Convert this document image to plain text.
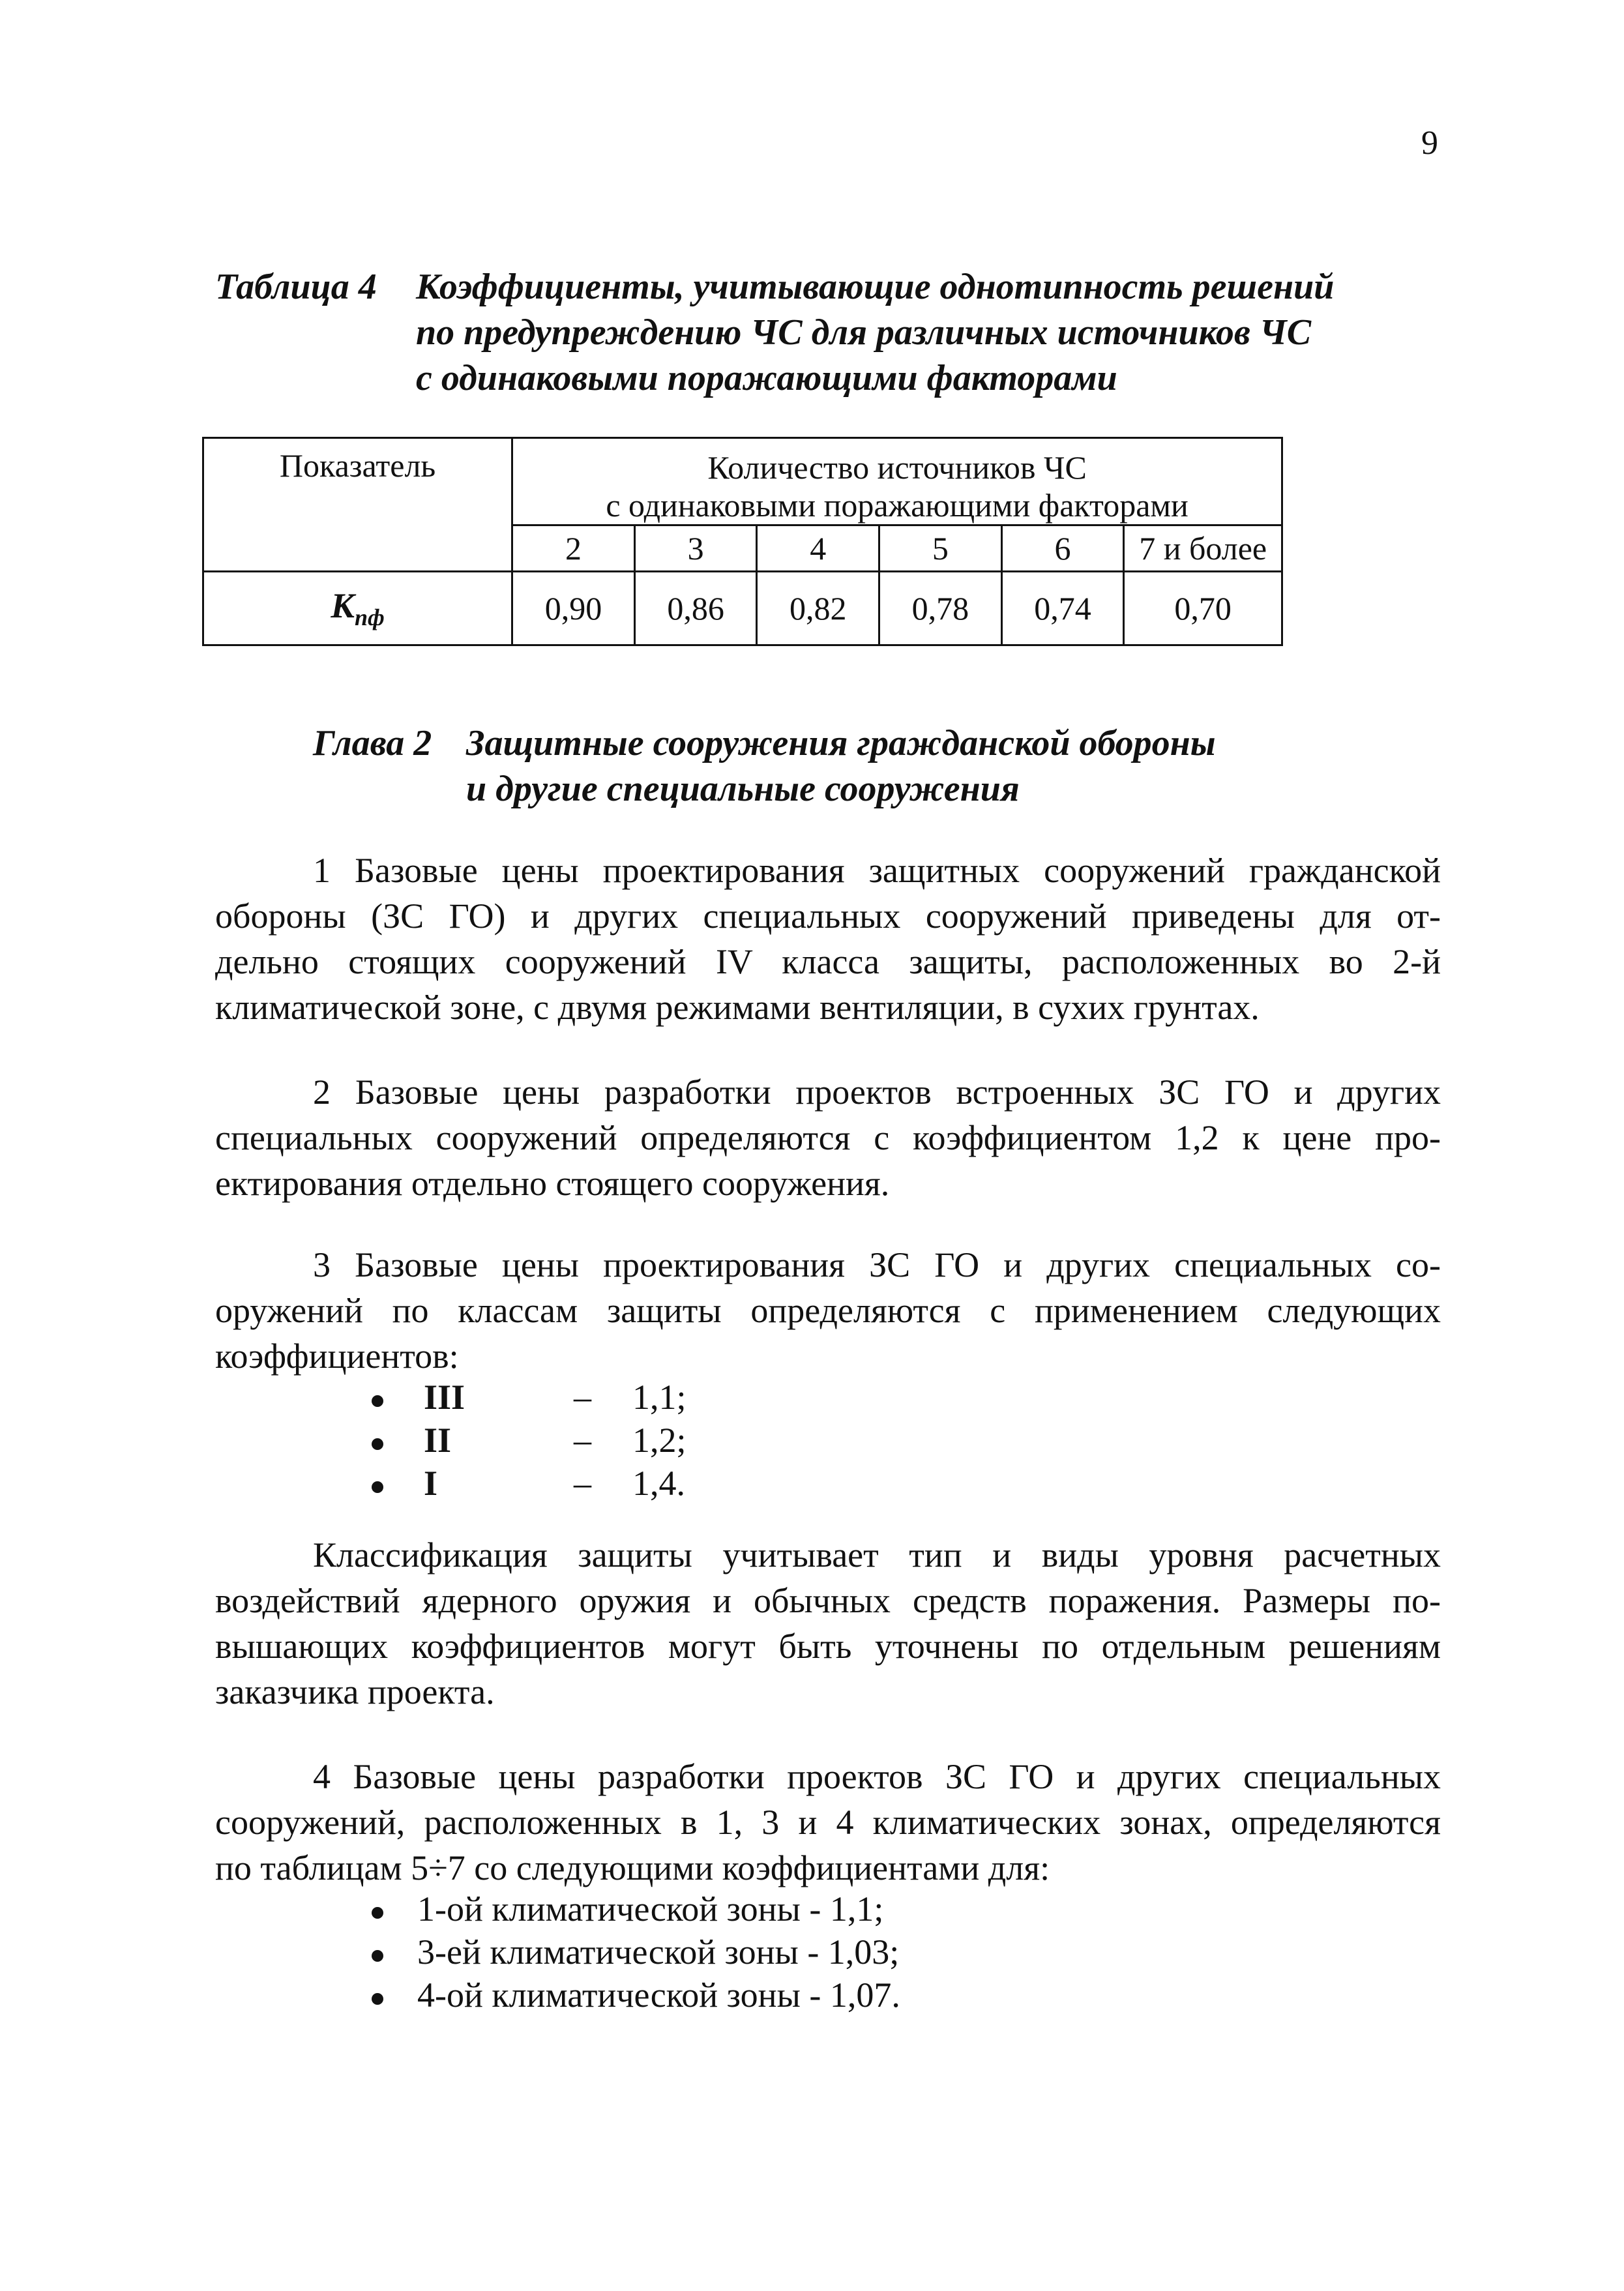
9
Таблица 4 Коэффициенты, учитывающие однотипность решений
по предупреждению ЧС для различных источников ЧС
с одинаковыми поражающими факторами
Показатель	Количество источников ЧС
с одинаковыми поражающими факторами					

	2	3	4	5	6	7 и более
$К_{пф}$	0,90	0,86	0,82	0,78	0,74	0,70
Глава 2 Защитные сооружения гражданской обороны
и другие специальные сооружения
1 Базовые цены проектирования защитных сооружений гражданской
обороны (ЗС ГО) и других специальных сооружений приведены для от-
дельно стоящих сооружений IV класса защиты, расположенных во 2-й
климатической зоне, с двумя режимами вентиляции, в сухих грунтах.
2 Базовые цены разработки проектов встроенных ЗС ГО и других
специальных сооружений определяются с коэффициентом 1,2 к цене про-
ектирования отдельно стоящего сооружения.
3 Базовые цены проектирования ЗС ГО и других специальных со-
оружений по классам защиты определяются с применением следующих
коэффициентов:
III	– 1,1;
II	– 1,2;
I	– 1,4.
Классификация защиты учитывает тип и виды уровня расчетных
воздействий ядерного оружия и обычных средств поражения. Размеры по-
вышающих коэффициентов могут быть уточнены по отдельным решениям
заказчика проекта.
4 Базовые цены разработки проектов ЗС ГО и других специальных
сооружений, расположенных в 1, 3 и 4 климатических зонах, определяются
по таблицам 5÷7 со следующими коэффициентами для:
1-ой климатической зоны - 1,1;
3-ей климатической зоны - 1,03;
4-ой климатической зоны - 1,07.
